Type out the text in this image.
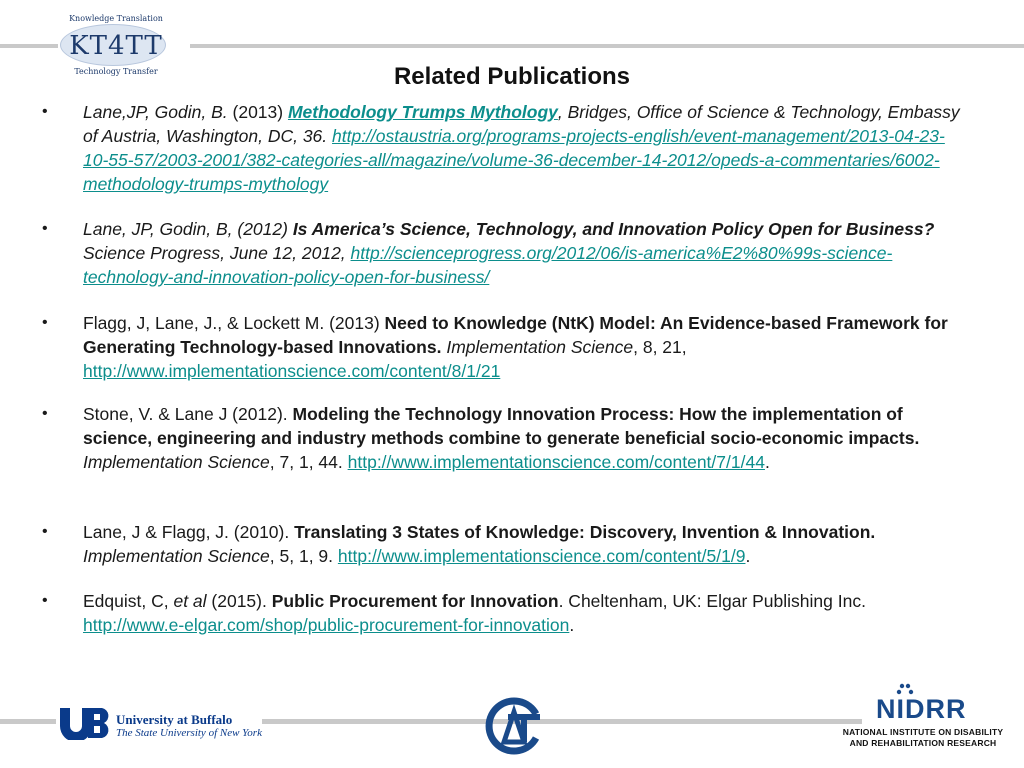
Knowledge Translation
KT4TT
Technology Transfer	Related Publications
• Lane,JP, Godin, B. (2013) Methodology Trumps Mythology, Bridges, Office of Science & Technology, Embassy of Austria, Washington, DC, 36. http://ostaustria.org/programs-projects-english/event-management/2013-04-23-10-55-57/2003-2001/382-categories-all/magazine/volume-36-december-14-2012/opeds-a-commentaries/6002-methodology-trumps-mythology
• Lane, JP, Godin, B, (2012) Is America’s Science, Technology, and Innovation Policy Open for Business? Science Progress, June 12, 2012, http://scienceprogress.org/2012/06/is-america%E2%80%99s-science-technology-and-innovation-policy-open-for-business/
• Flagg, J, Lane, J., & Lockett M. (2013) Need to Knowledge (NtK) Model: An Evidence-based Framework for Generating Technology-based Innovations. Implementation Science, 8, 21, http://www.implementationscience.com/content/8/1/21
• Stone, V. & Lane J (2012). Modeling the Technology Innovation Process: How the implementation of science, engineering and industry methods combine to generate beneficial socio-economic impacts. Implementation Science, 7, 1, 44. http://www.implementationscience.com/content/7/1/44.
• Lane, J & Flagg, J. (2010). Translating 3 States of Knowledge: Discovery, Invention & Innovation. Implementation Science, 5, 1, 9. http://www.implementationscience.com/content/5/1/9.
• Edquist, C, et al (2015). Public Procurement for Innovation. Cheltenham, UK: Elgar Publishing Inc. http://www.e-elgar.com/shop/public-procurement-for-innovation.
University at Buffalo
The State University of New York
NIDRR
NATIONAL INSTITUTE ON DISABILITY
AND REHABILITATION RESEARCH
